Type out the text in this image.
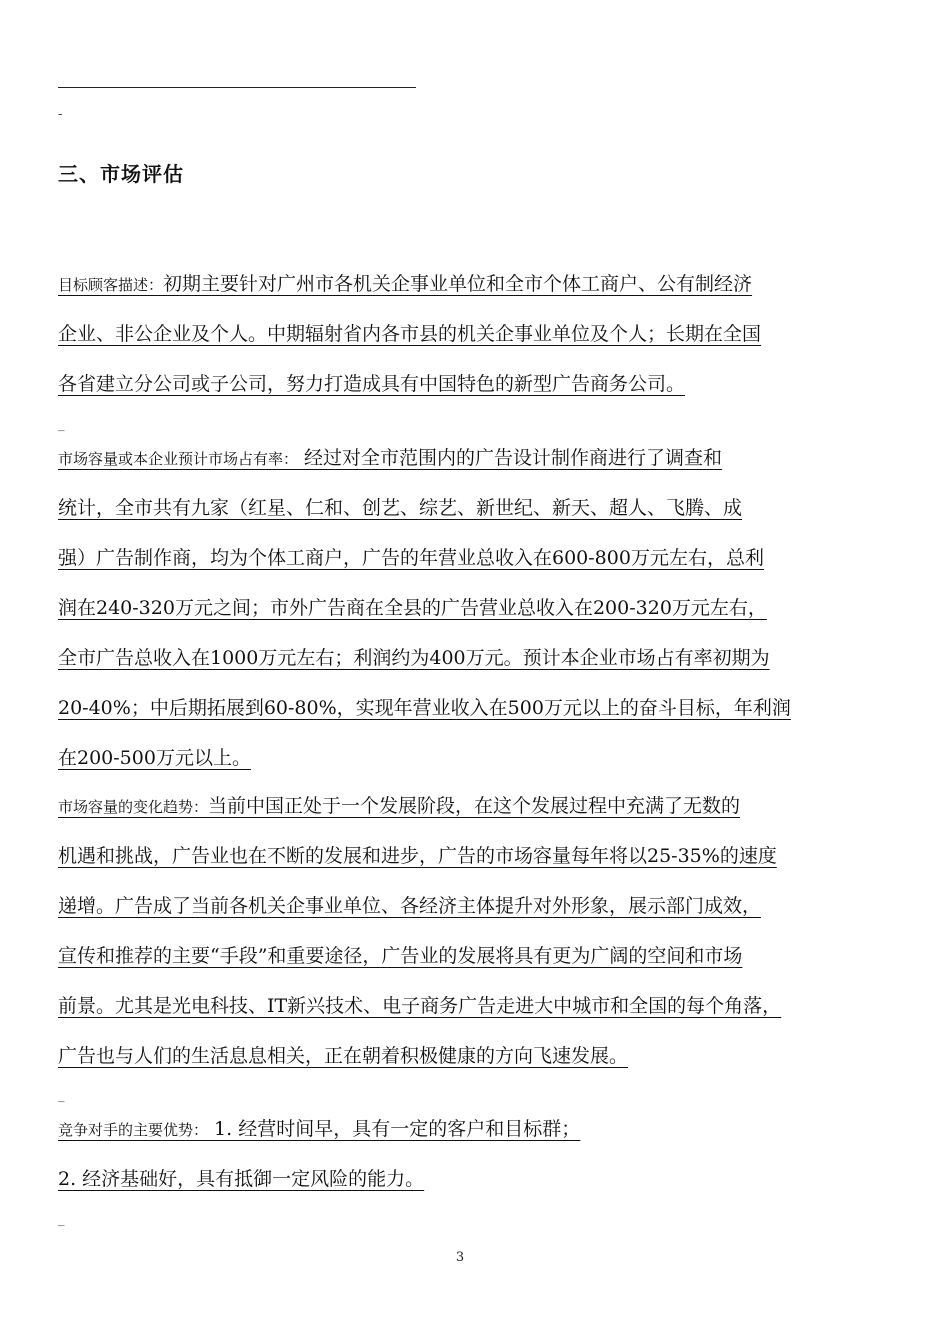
-
三、市场评估
目标顾客描述：初期主要针对广州市各机关企事业单位和全市个体工商户、公有制经济
企业、非公企业及个人。中期辐射省内各市县的机关企事业单位及个人；长期在全国
各省建立分公司或子公司，努力打造成具有中国特色的新型广告商务公司。
_
市场容量或本企业预计市场占有率： 经过对全市范围内的广告设计制作商进行了调查和
统计，全市共有九家（红星、仁和、创艺、综艺、新世纪、新天、超人、飞腾、成
强）广告制作商，均为个体工商户，广告的年营业总收入在600-800万元左右，总利
润在240-320万元之间；市外广告商在全县的广告营业总收入在200-320万元左右，
全市广告总收入在1000万元左右；利润约为400万元。预计本企业市场占有率初期为
20-40%；中后期拓展到60-80%，实现年营业收入在500万元以上的奋斗目标，年利润
在200-500万元以上。
市场容量的变化趋势：当前中国正处于一个发展阶段，在这个发展过程中充满了无数的
机遇和挑战，广告业也在不断的发展和进步，广告的市场容量每年将以25-35%的速度
递增。广告成了当前各机关企事业单位、各经济主体提升对外形象，展示部门成效，
宣传和推荐的主要“手段”和重要途径，广告业的发展将具有更为广阔的空间和市场
前景。尤其是光电科技、IT新兴技术、电子商务广告走进大中城市和全国的每个角落，
广告也与人们的生活息息相关，正在朝着积极健康的方向飞速发展。
_
竞争对手的主要优势： 1. 经营时间早，具有一定的客户和目标群；
2. 经济基础好，具有抵御一定风险的能力。
_
3
